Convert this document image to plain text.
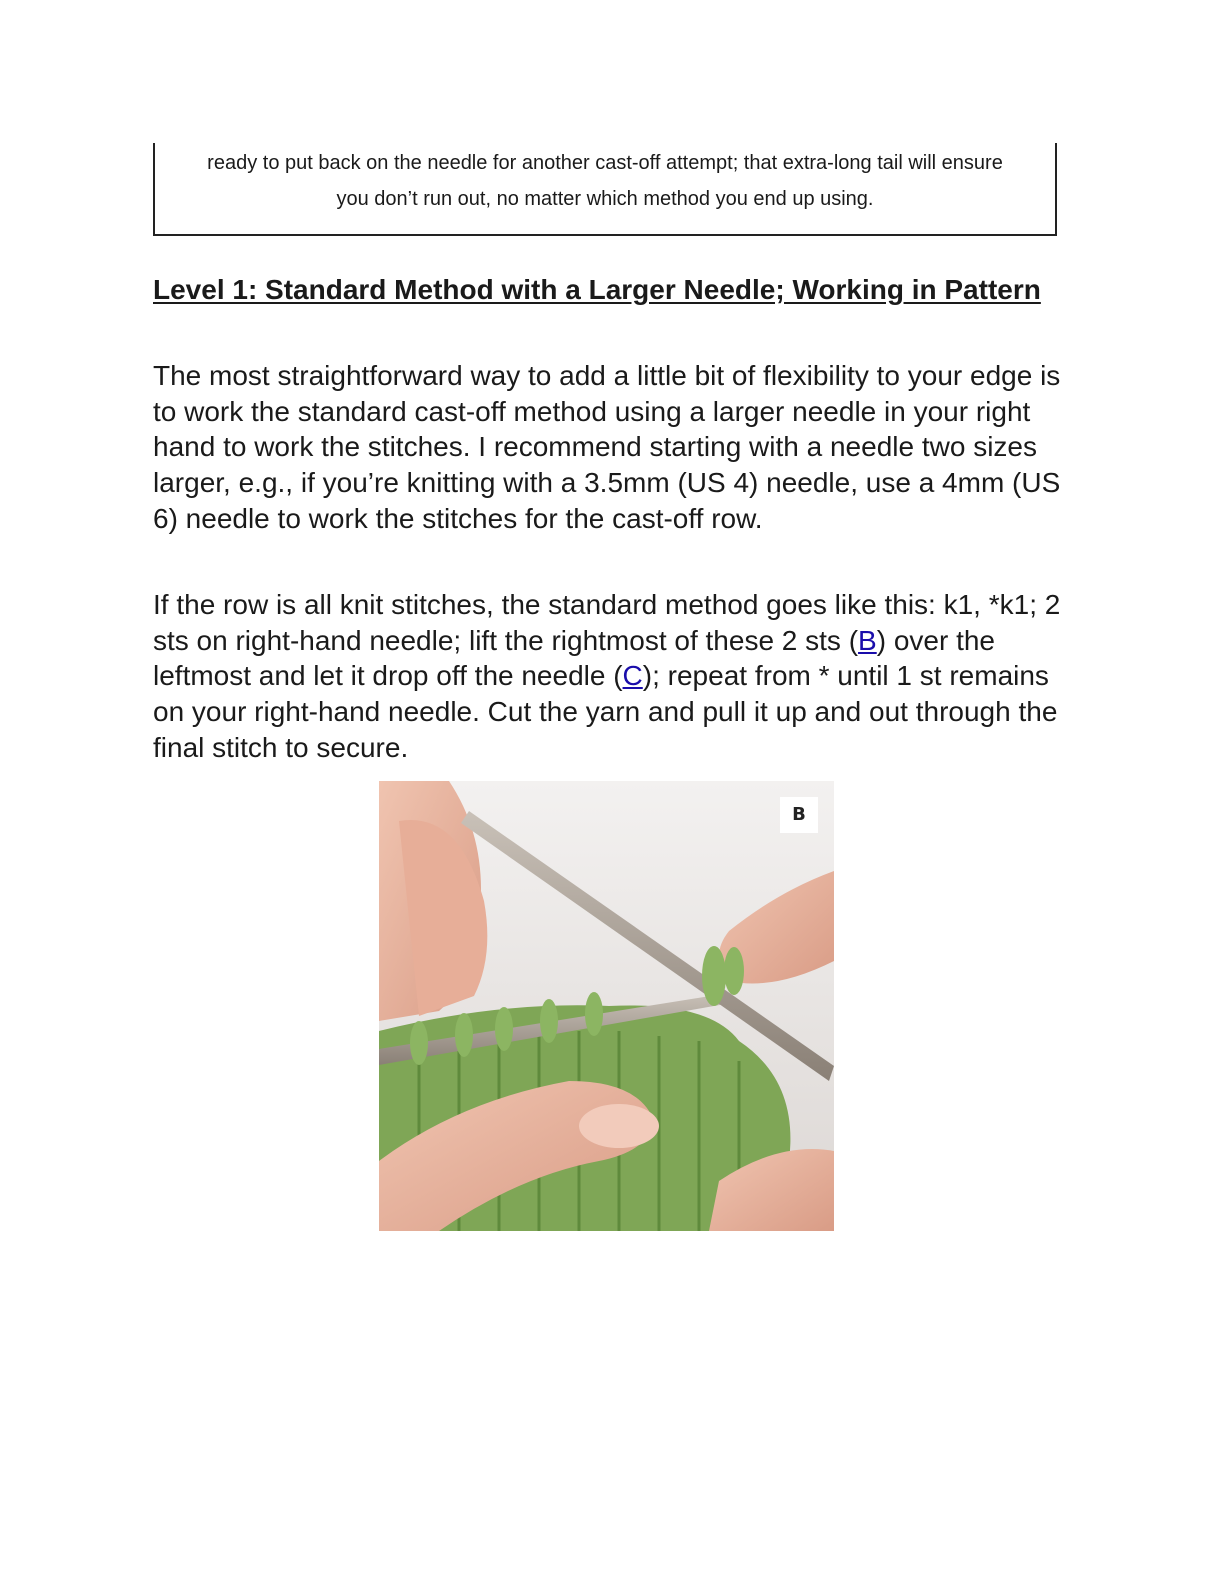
ready to put back on the needle for another cast-off attempt; that extra-long tail will ensure

you don’t run out, no matter which method you end up using.

Level 1: Standard Method with a Larger Needle; Working in Pattern

The most straightforward way to add a little bit of flexibility to your edge is to work the standard cast-off method using a larger needle in your right hand to work the stitches. I recommend starting with a needle two sizes larger, e.g., if you’re knitting with a 3.5mm (US 4) needle, use a 4mm (US 6) needle to work the stitches for the cast-off row.

If the row is all knit stitches, the standard method goes like this: k1, *k1; 2 sts on right-hand needle; lift the rightmost of these 2 sts (B) over the leftmost and let it drop off the needle (C); repeat from * until 1 st remains on your right-hand needle. Cut the yarn and pull it up and out through the final stitch to secure.

B
